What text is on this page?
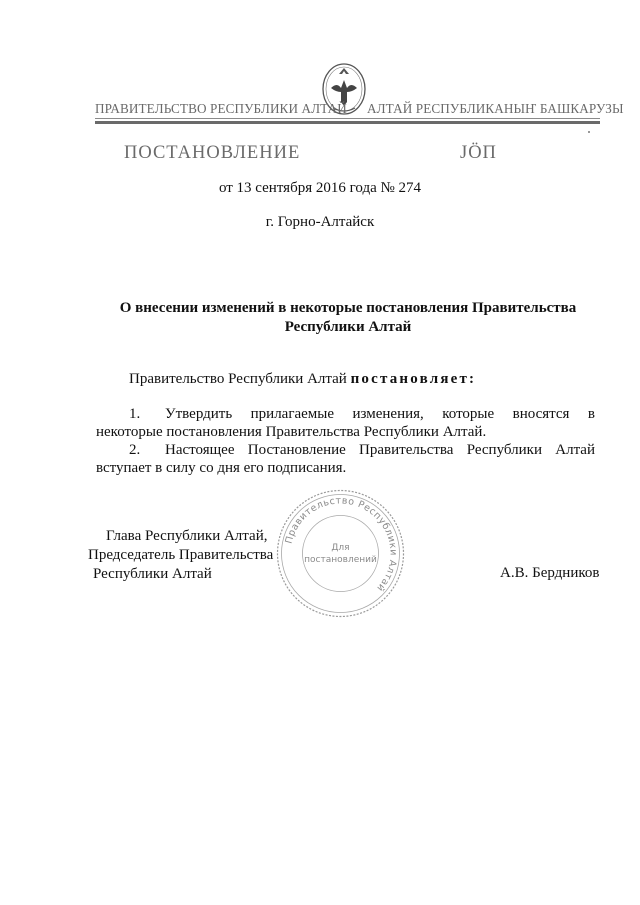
ПРАВИТЕЛЬСТВО РЕСПУБЛИКИ АЛТАЙ АЛТАЙ РЕСПУБЛИКАНЫҤ БАШКАРУЗЫ
ПОСТАНОВЛЕНИЕ	JӦП
от 13 сентября 2016 года № 274
г. Горно-Алтайск
О внесении изменений в некоторые постановления Правительства
Республики Алтай
Правительство Республики Алтай постановляет:
1. Утвердить прилагаемые изменения, которые вносятся в
некоторые постановления Правительства Республики Алтай.
2. Настоящее Постановление Правительства Республики Алтай
вступает в силу со дня его подписания.
Глава Республики Алтай,
Председатель Правительства
Республики Алтай	А.В. Бердников
Правительство Республики Алтай
Для
постановлений
